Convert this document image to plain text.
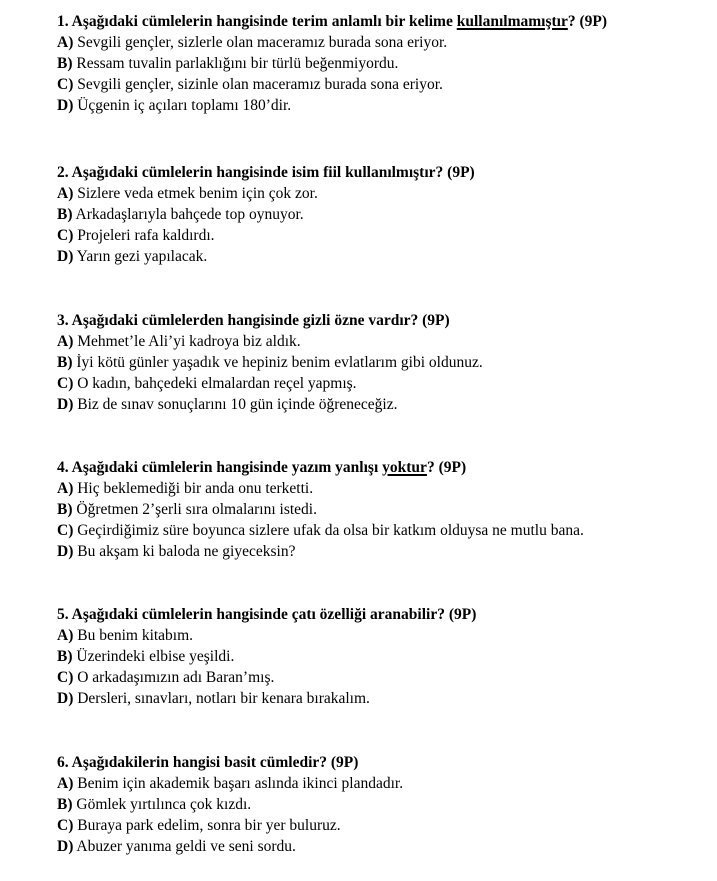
1. Aşağıdaki cümlelerin hangisinde terim anlamlı bir kelime kullanılmamıştır? (9P)
A) Sevgili gençler, sizlerle olan maceramız burada sona eriyor.
B) Ressam tuvalin parlaklığını bir türlü beğenmiyordu.
C) Sevgili gençler, sizinle olan maceramız burada sona eriyor.
D) Üçgenin iç açıları toplamı 180’dir.
2. Aşağıdaki cümlelerin hangisinde isim fiil kullanılmıştır? (9P)
A) Sizlere veda etmek benim için çok zor.
B) Arkadaşlarıyla bahçede top oynuyor.
C) Projeleri rafa kaldırdı.
D) Yarın gezi yapılacak.
3. Aşağıdaki cümlelerden hangisinde gizli özne vardır? (9P)
A) Mehmet’le Ali’yi kadroya biz aldık.
B) İyi kötü günler yaşadık ve hepiniz benim evlatlarım gibi oldunuz.
C) O kadın, bahçedeki elmalardan reçel yapmış.
D) Biz de sınav sonuçlarını 10 gün içinde öğreneceğiz.
4. Aşağıdaki cümlelerin hangisinde yazım yanlışı yoktur? (9P)
A) Hiç beklemediği bir anda onu terketti.
B) Öğretmen 2’şerli sıra olmalarını istedi.
C) Geçirdiğimiz süre boyunca sizlere ufak da olsa bir katkım olduysa ne mutlu bana.
D) Bu akşam ki baloda ne giyeceksin?
5. Aşağıdaki cümlelerin hangisinde çatı özelliği aranabilir? (9P)
A) Bu benim kitabım.
B) Üzerindeki elbise yeşildi.
C) O arkadaşımızın adı Baran’mış.
D) Dersleri, sınavları, notları bir kenara bırakalım.
6. Aşağıdakilerin hangisi basit cümledir? (9P)
A) Benim için akademik başarı aslında ikinci plandadır.
B) Gömlek yırtılınca çok kızdı.
C) Buraya park edelim, sonra bir yer buluruz.
D) Abuzer yanıma geldi ve seni sordu.
